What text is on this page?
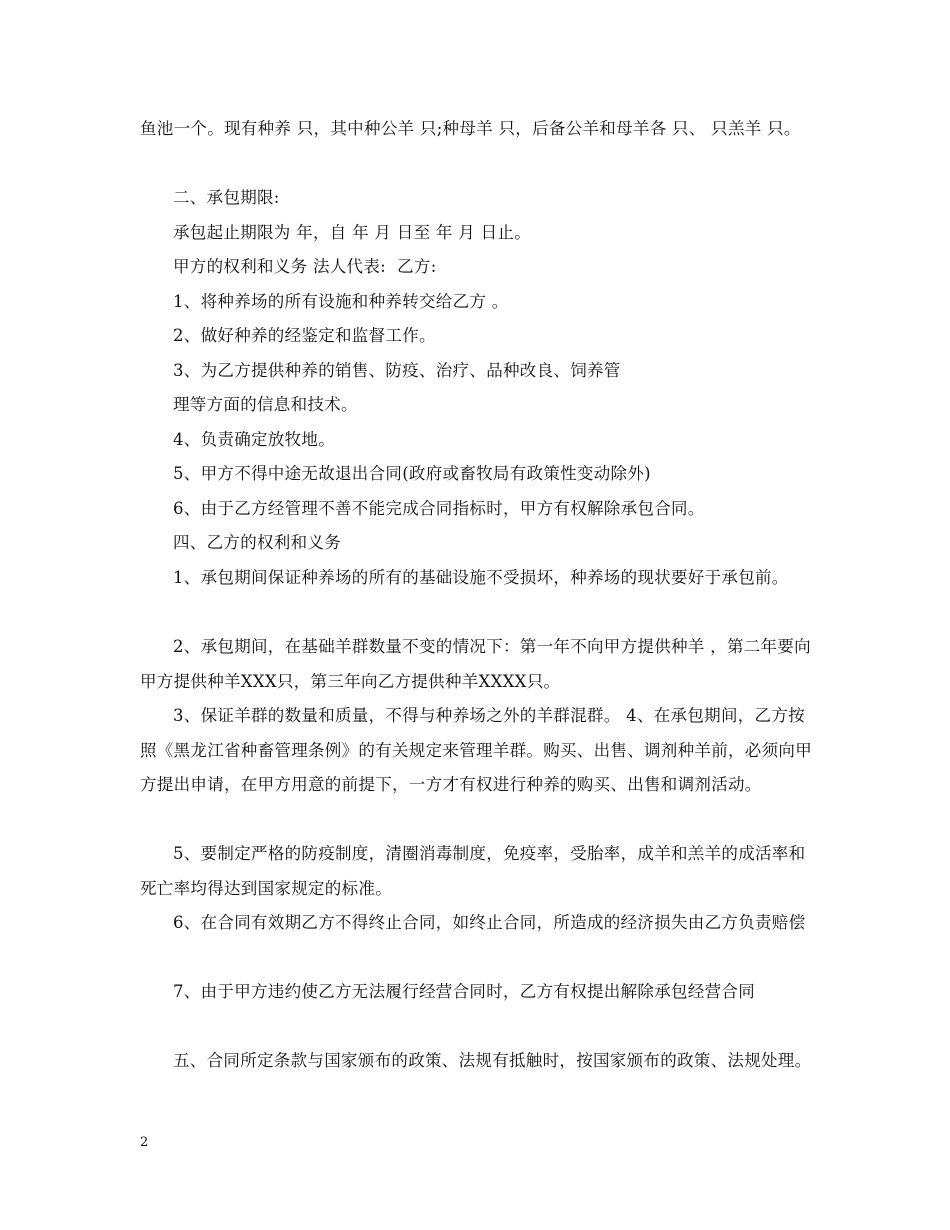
鱼池一个。现有种养 只，其中种公羊 只;种母羊 只，后备公羊和母羊各 只、 只羔羊 只。

二、承包期限:

承包起止期限为 年，自 年 月 日至 年 月 日止。

甲方的权利和义务 法人代表:  乙方:

1、将种养场的所有设施和种养转交给乙方 。

2、做好种养的经鉴定和监督工作。

3、为乙方提供种养的销售、防疫、治疗、品种改良、饲养管

理等方面的信息和技术。

4、负责确定放牧地。

5、甲方不得中途无故退出合同(政府或畜牧局有政策性变动除外)

6、由于乙方经管理不善不能完成合同指标时，甲方有权解除承包合同。

四、乙方的权利和义务

1、承包期间保证种养场的所有的基础设施不受损坏，种养场的现状要好于承包前。

2、承包期间，在基础羊群数量不变的情况下：第一年不向甲方提供种羊 ，第二年要向甲方提供种羊XXX只，第三年向乙方提供种羊XXXX只。

3、保证羊群的数量和质量，不得与种养场之外的羊群混群。 4、在承包期间，乙方按照《黑龙江省种畜管理条例》的有关规定来管理羊群。购买、出售、调剂种羊前，必须向甲方提出申请，在甲方用意的前提下，一方才有权进行种养的购买、出售和调剂活动。

5、要制定严格的防疫制度，清圈消毒制度，免疫率，受胎率，成羊和羔羊的成活率和死亡率均得达到国家规定的标准。

6、在合同有效期乙方不得终止合同，如终止合同，所造成的经济损失由乙方负责赔偿

7、由于甲方违约使乙方无法履行经营合同时，乙方有权提出解除承包经营合同

五、合同所定条款与国家颁布的政策、法规有抵触时，按国家颁布的政策、法规处理。

2
